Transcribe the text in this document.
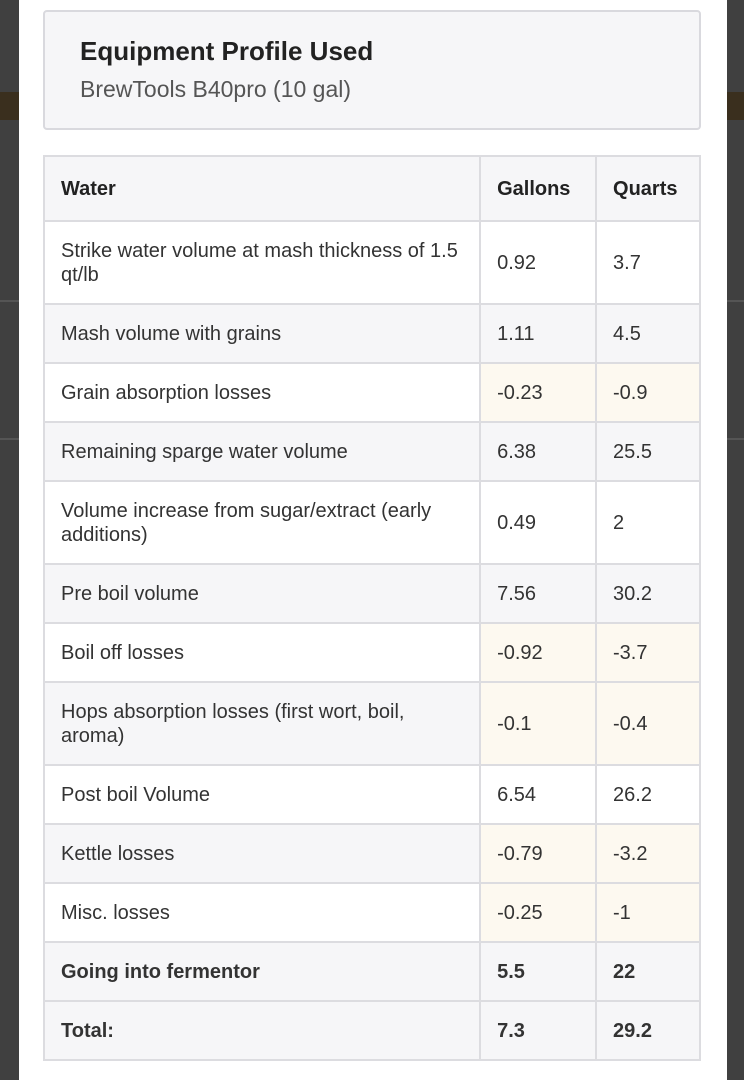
Equipment Profile Used
BrewTools B40pro (10 gal)
Water	Gallons	Quarts
Strike water volume at mash thickness of 1.5 qt/lb	0.92	3.7
Mash volume with grains	1.11	4.5
Grain absorption losses	-0.23	-0.9
Remaining sparge water volume	6.38	25.5
Volume increase from sugar/extract (early additions)	0.49	2
Pre boil volume	7.56	30.2
Boil off losses	-0.92	-3.7
Hops absorption losses (first wort, boil, aroma)	-0.1	-0.4
Post boil Volume	6.54	26.2
Kettle losses	-0.79	-3.2
Misc. losses	-0.25	-1
Going into fermentor	5.5	22
Total:	7.3	29.2
